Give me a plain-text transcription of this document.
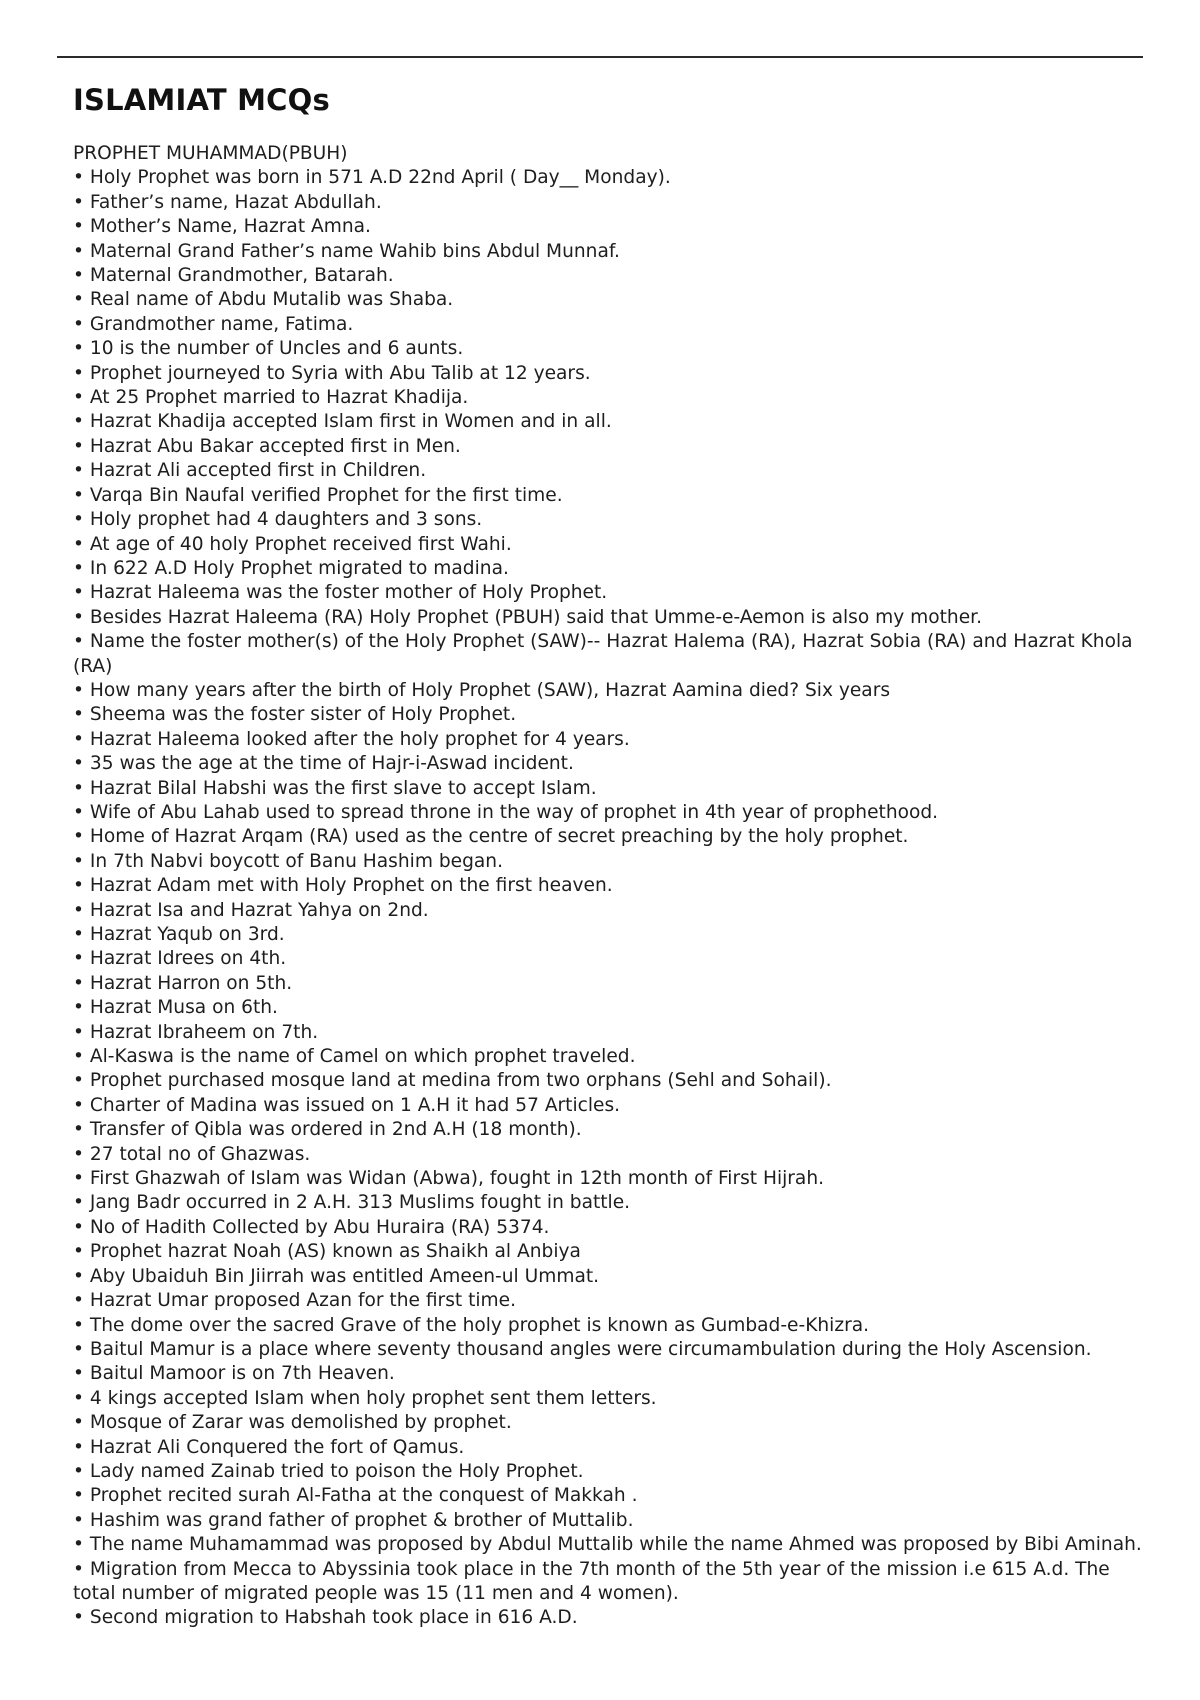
ISLAMIAT MCQs
PROPHET MUHAMMAD(PBUH)
• Holy Prophet was born in 571 A.D 22nd April ( Day__ Monday).
• Father’s name, Hazat Abdullah.
• Mother’s Name, Hazrat Amna.
• Maternal Grand Father’s name Wahib bins Abdul Munnaf.
• Maternal Grandmother, Batarah.
• Real name of Abdu Mutalib was Shaba.
• Grandmother name, Fatima.
• 10 is the number of Uncles and 6 aunts.
• Prophet journeyed to Syria with Abu Talib at 12 years.
• At 25 Prophet married to Hazrat Khadija.
• Hazrat Khadija accepted Islam first in Women and in all.
• Hazrat Abu Bakar accepted first in Men.
• Hazrat Ali accepted first in Children.
• Varqa Bin Naufal verified Prophet for the first time.
• Holy prophet had 4 daughters and 3 sons.
• At age of 40 holy Prophet received first Wahi.
• In 622 A.D Holy Prophet migrated to madina.
• Hazrat Haleema was the foster mother of Holy Prophet.
• Besides Hazrat Haleema (RA) Holy Prophet (PBUH) said that Umme-e-Aemon is also my mother.
• Name the foster mother(s) of the Holy Prophet (SAW)-- Hazrat Halema (RA), Hazrat Sobia (RA) and Hazrat Khola (RA)
• How many years after the birth of Holy Prophet (SAW), Hazrat Aamina died? Six years
• Sheema was the foster sister of Holy Prophet.
• Hazrat Haleema looked after the holy prophet for 4 years.
• 35 was the age at the time of Hajr-i-Aswad incident.
• Hazrat Bilal Habshi was the first slave to accept Islam.
• Wife of Abu Lahab used to spread throne in the way of prophet in 4th year of prophethood.
• Home of Hazrat Arqam (RA) used as the centre of secret preaching by the holy prophet.
• In 7th Nabvi boycott of Banu Hashim began.
• Hazrat Adam met with Holy Prophet on the first heaven.
• Hazrat Isa and Hazrat Yahya on 2nd.
• Hazrat Yaqub on 3rd.
• Hazrat Idrees on 4th.
• Hazrat Harron on 5th.
• Hazrat Musa on 6th.
• Hazrat Ibraheem on 7th.
• Al-Kaswa is the name of Camel on which prophet traveled.
• Prophet purchased mosque land at medina from two orphans (Sehl and Sohail).
• Charter of Madina was issued on 1 A.H it had 57 Articles.
• Transfer of Qibla was ordered in 2nd A.H (18 month).
• 27 total no of Ghazwas.
• First Ghazwah of Islam was Widan (Abwa), fought in 12th month of First Hijrah.
• Jang Badr occurred in 2 A.H. 313 Muslims fought in battle.
• No of Hadith Collected by Abu Huraira (RA) 5374.
• Prophet hazrat Noah (AS) known as Shaikh al Anbiya
• Aby Ubaiduh Bin Jiirrah was entitled Ameen-ul Ummat.
• Hazrat Umar proposed Azan for the first time.
• The dome over the sacred Grave of the holy prophet is known as Gumbad-e-Khizra.
• Baitul Mamur is a place where seventy thousand angles were circumambulation during the Holy Ascension.
• Baitul Mamoor is on 7th Heaven.
• 4 kings accepted Islam when holy prophet sent them letters.
• Mosque of Zarar was demolished by prophet.
• Hazrat Ali Conquered the fort of Qamus.
• Lady named Zainab tried to poison the Holy Prophet.
• Prophet recited surah Al-Fatha at the conquest of Makkah .
• Hashim was grand father of prophet & brother of Muttalib.
• The name Muhamammad was proposed by Abdul Muttalib while the name Ahmed was proposed by Bibi Aminah.
• Migration from Mecca to Abyssinia took place in the 7th month of the 5th year of the mission i.e 615 A.d. The total number of migrated people was 15 (11 men and 4 women).
• Second migration to Habshah took place in 616 A.D.
